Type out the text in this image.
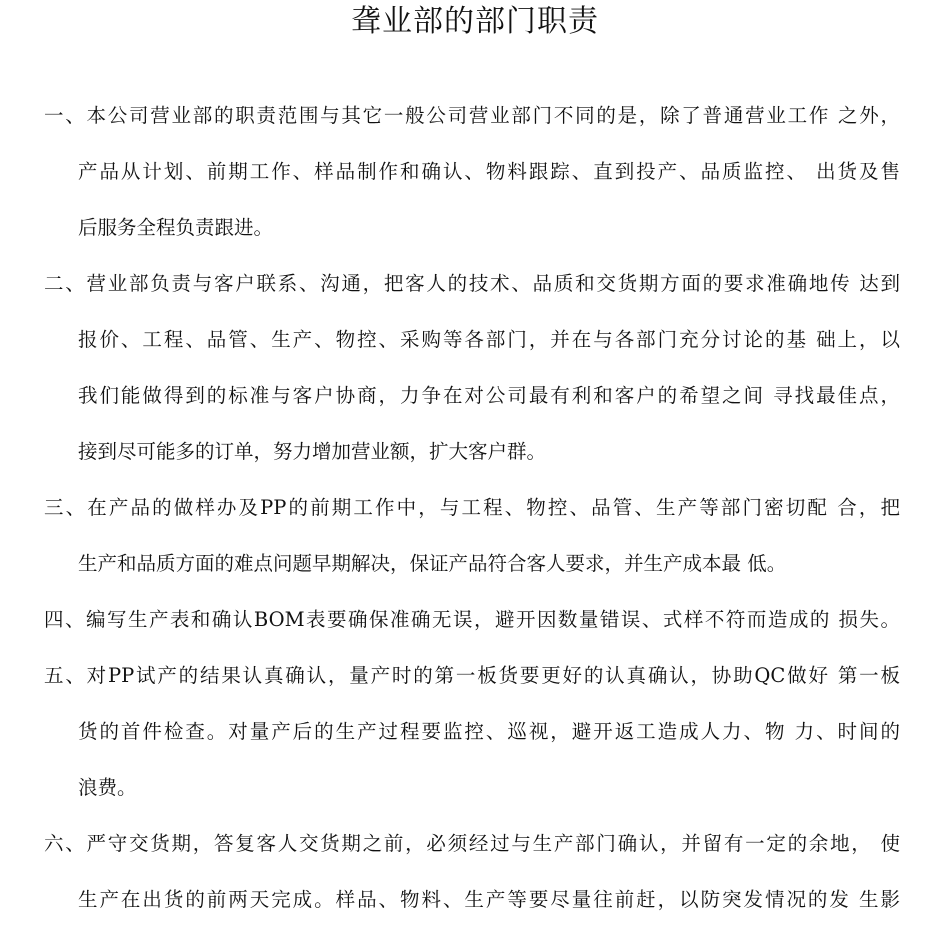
聋业部的部门职责
一、本公司营业部的职责范围与其它一般公司营业部门不同的是，除了普通营业工作 之外，
产品从计划、前期工作、样品制作和确认、物料跟踪、直到投产、品质监控、 出货及售
后服务全程负责跟进。
二、营业部负责与客户联系、沟通，把客人的技术、品质和交货期方面的要求准确地传 达到
报价、工程、品管、生产、物控、采购等各部门，并在与各部门充分讨论的基 础上，以
我们能做得到的标准与客户协商，力争在对公司最有利和客户的希望之间 寻找最佳点，
接到尽可能多的订单，努力增加营业额，扩大客户群。
三、在产品的做样办及PP的前期工作中，与工程、物控、品管、生产等部门密切配 合，把
生产和品质方面的难点问题早期解决，保证产品符合客人要求，并生产成本最 低。
四、编写生产表和确认BOM表要确保准确无误，避开因数量错误、式样不符而造成的 损失。
五、对PP试产的结果认真确认，量产时的第一板货要更好的认真确认，协助QC做好 第一板
货的首件检查。对量产后的生产过程要监控、巡视，避开返工造成人力、物 力、时间的
浪费。
六、严守交货期，答复客人交货期之前，必须经过与生产部门确认，并留有一定的余地， 使
生产在出货的前两天完成。样品、物料、生产等要尽量往前赶，以防突发情况的发 生影
